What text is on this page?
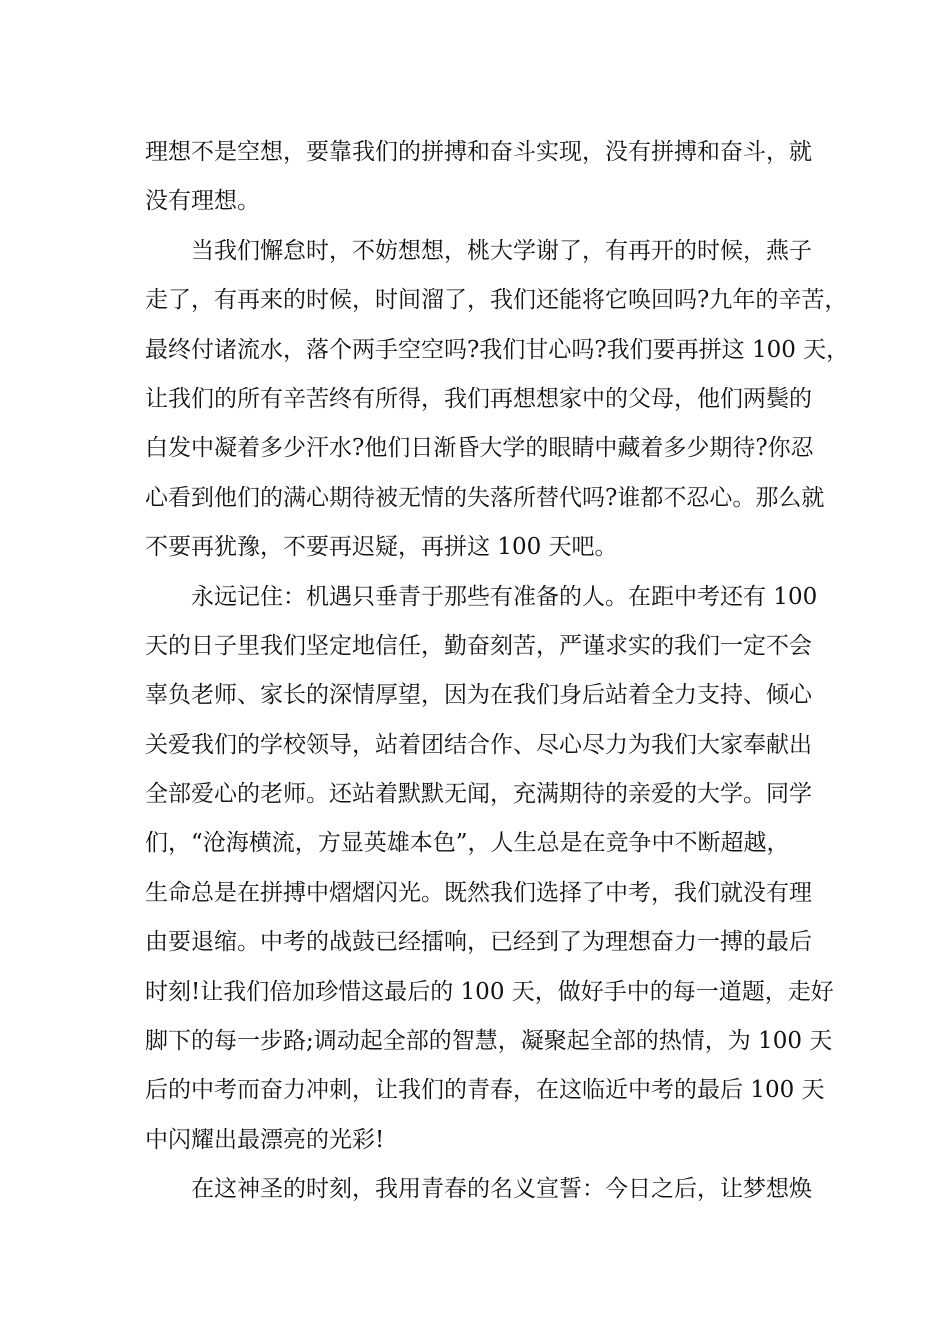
理想不是空想，要靠我们的拼搏和奋斗实现，没有拼搏和奋斗，就
没有理想。
　　当我们懈怠时，不妨想想，桃大学谢了，有再开的时候，燕子
走了，有再来的时候，时间溜了，我们还能将它唤回吗?九年的辛苦，
最终付诸流水，落个两手空空吗?我们甘心吗?我们要再拼这 100 天，
让我们的所有辛苦终有所得，我们再想想家中的父母，他们两鬓的
白发中凝着多少汗水?他们日渐昏大学的眼睛中藏着多少期待?你忍
心看到他们的满心期待被无情的失落所替代吗?谁都不忍心。那么就
不要再犹豫，不要再迟疑，再拼这 100 天吧。
　　永远记住：机遇只垂青于那些有准备的人。在距中考还有 100
天的日子里我们坚定地信任，勤奋刻苦，严谨求实的我们一定不会
辜负老师、家长的深情厚望，因为在我们身后站着全力支持、倾心
关爱我们的学校领导，站着团结合作、尽心尽力为我们大家奉献出
全部爱心的老师。还站着默默无闻，充满期待的亲爱的大学。同学
们，“沧海横流，方显英雄本色”，人生总是在竞争中不断超越，
生命总是在拼搏中熠熠闪光。既然我们选择了中考，我们就没有理
由要退缩。中考的战鼓已经擂响，已经到了为理想奋力一搏的最后
时刻!让我们倍加珍惜这最后的 100 天，做好手中的每一道题，走好
脚下的每一步路;调动起全部的智慧，凝聚起全部的热情，为 100 天
后的中考而奋力冲刺，让我们的青春，在这临近中考的最后 100 天
中闪耀出最漂亮的光彩!
　　在这神圣的时刻，我用青春的名义宣誓：今日之后，让梦想焕
